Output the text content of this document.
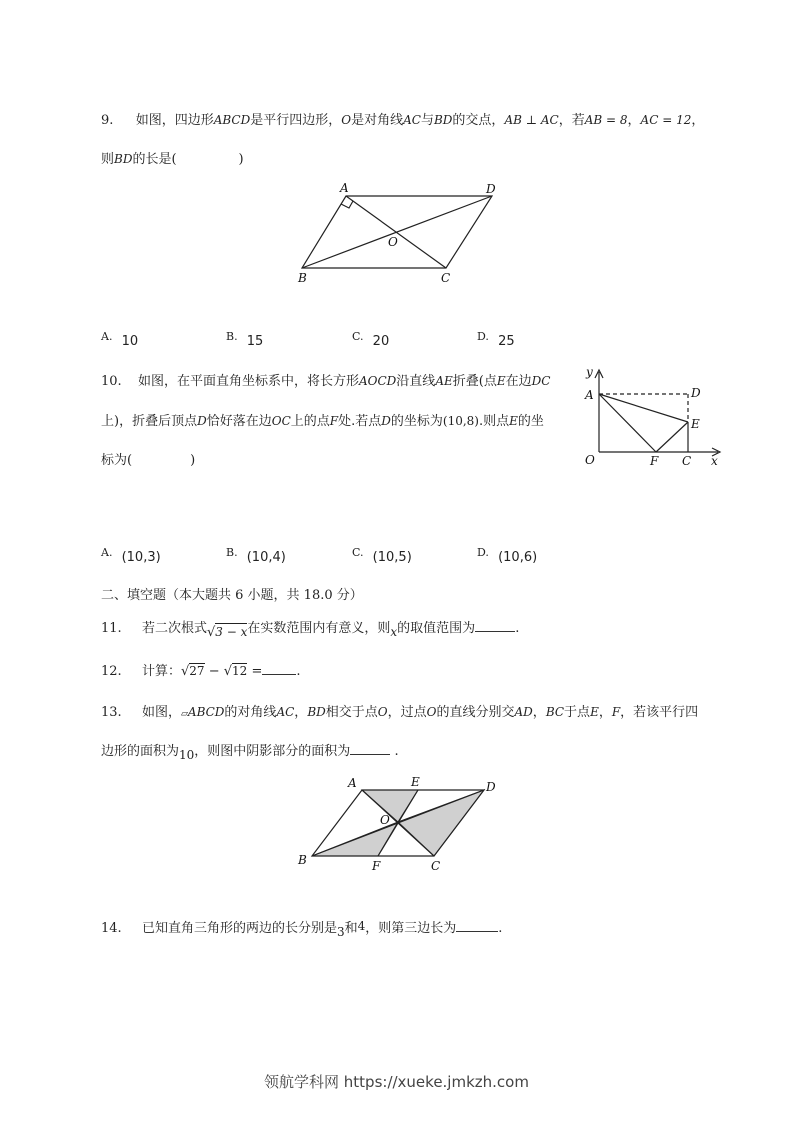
9. 如图，四边形ABCD是平行四边形，O是对角线AC与BD的交点，AB ⊥ AC，若AB = 8，AC = 12，
则BD的长是(	)
A	D
O
B	C
A. 10	B. 15	C. 20	D. 25
10. 如图，在平面直角坐标系中，将长方形AOCD沿直线AE折叠(点E在边DC
上)，折叠后顶点D恰好落在边OC上的点F处.若点D的坐标为(10,8).则点E的坐
标为(	)
y
A	D
E
O	F C x
A. (10,3)	B. (10,4)	C. (10,5)	D. (10,6)
二、填空题（本大题共 6 小题，共 18.0 分）
11. 若二次根式√3 − x在实数范围内有意义，则x的取值范围为	.
12. 计算：√27 − √12 =	.
13. 如图，▱ABCD的对角线AC，BD相交于点O，过点O的直线分别交AD，BC于点E，F，若该平行四
边形的面积为10，则图中阴影部分的面积为	.
A	E	D
O
B	F	C
14. 已知直角三角形的两边的长分别是3和4，则第三边长为	.
领航学科网 https://xueke.jmkzh.com
